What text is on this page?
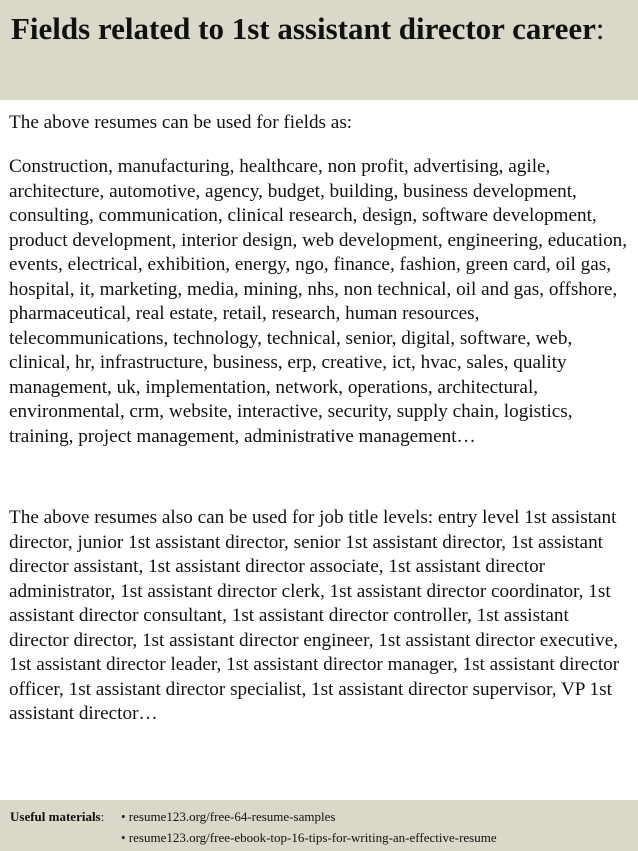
Fields related to 1st assistant director career:

The above resumes can be used for fields as:

Construction, manufacturing, healthcare, non profit, advertising, agile, architecture, automotive, agency, budget, building, business development, consulting, communication, clinical research, design, software development, product development, interior design, web development, engineering, education, events, electrical, exhibition, energy, ngo, finance, fashion, green card, oil gas, hospital, it, marketing, media, mining, nhs, non technical, oil and gas, offshore, pharmaceutical, real estate, retail, research, human resources, telecommunications, technology, technical, senior, digital, software, web, clinical, hr, infrastructure, business, erp, creative, ict, hvac, sales, quality management, uk, implementation, network, operations, architectural, environmental, crm, website, interactive, security, supply chain, logistics, training, project management, administrative management…

The above resumes also can be used for job title levels: entry level 1st assistant director, junior 1st assistant director, senior 1st assistant director, 1st assistant director assistant, 1st assistant director associate, 1st assistant director administrator, 1st assistant director clerk, 1st assistant director coordinator, 1st assistant director consultant, 1st assistant director controller, 1st assistant director director, 1st assistant director engineer, 1st assistant director executive, 1st assistant director leader, 1st assistant director manager, 1st assistant director officer, 1st assistant director specialist, 1st assistant director supervisor, VP 1st assistant director…

Useful materials: • resume123.org/free-64-resume-samples
• resume123.org/free-ebook-top-16-tips-for-writing-an-effective-resume
